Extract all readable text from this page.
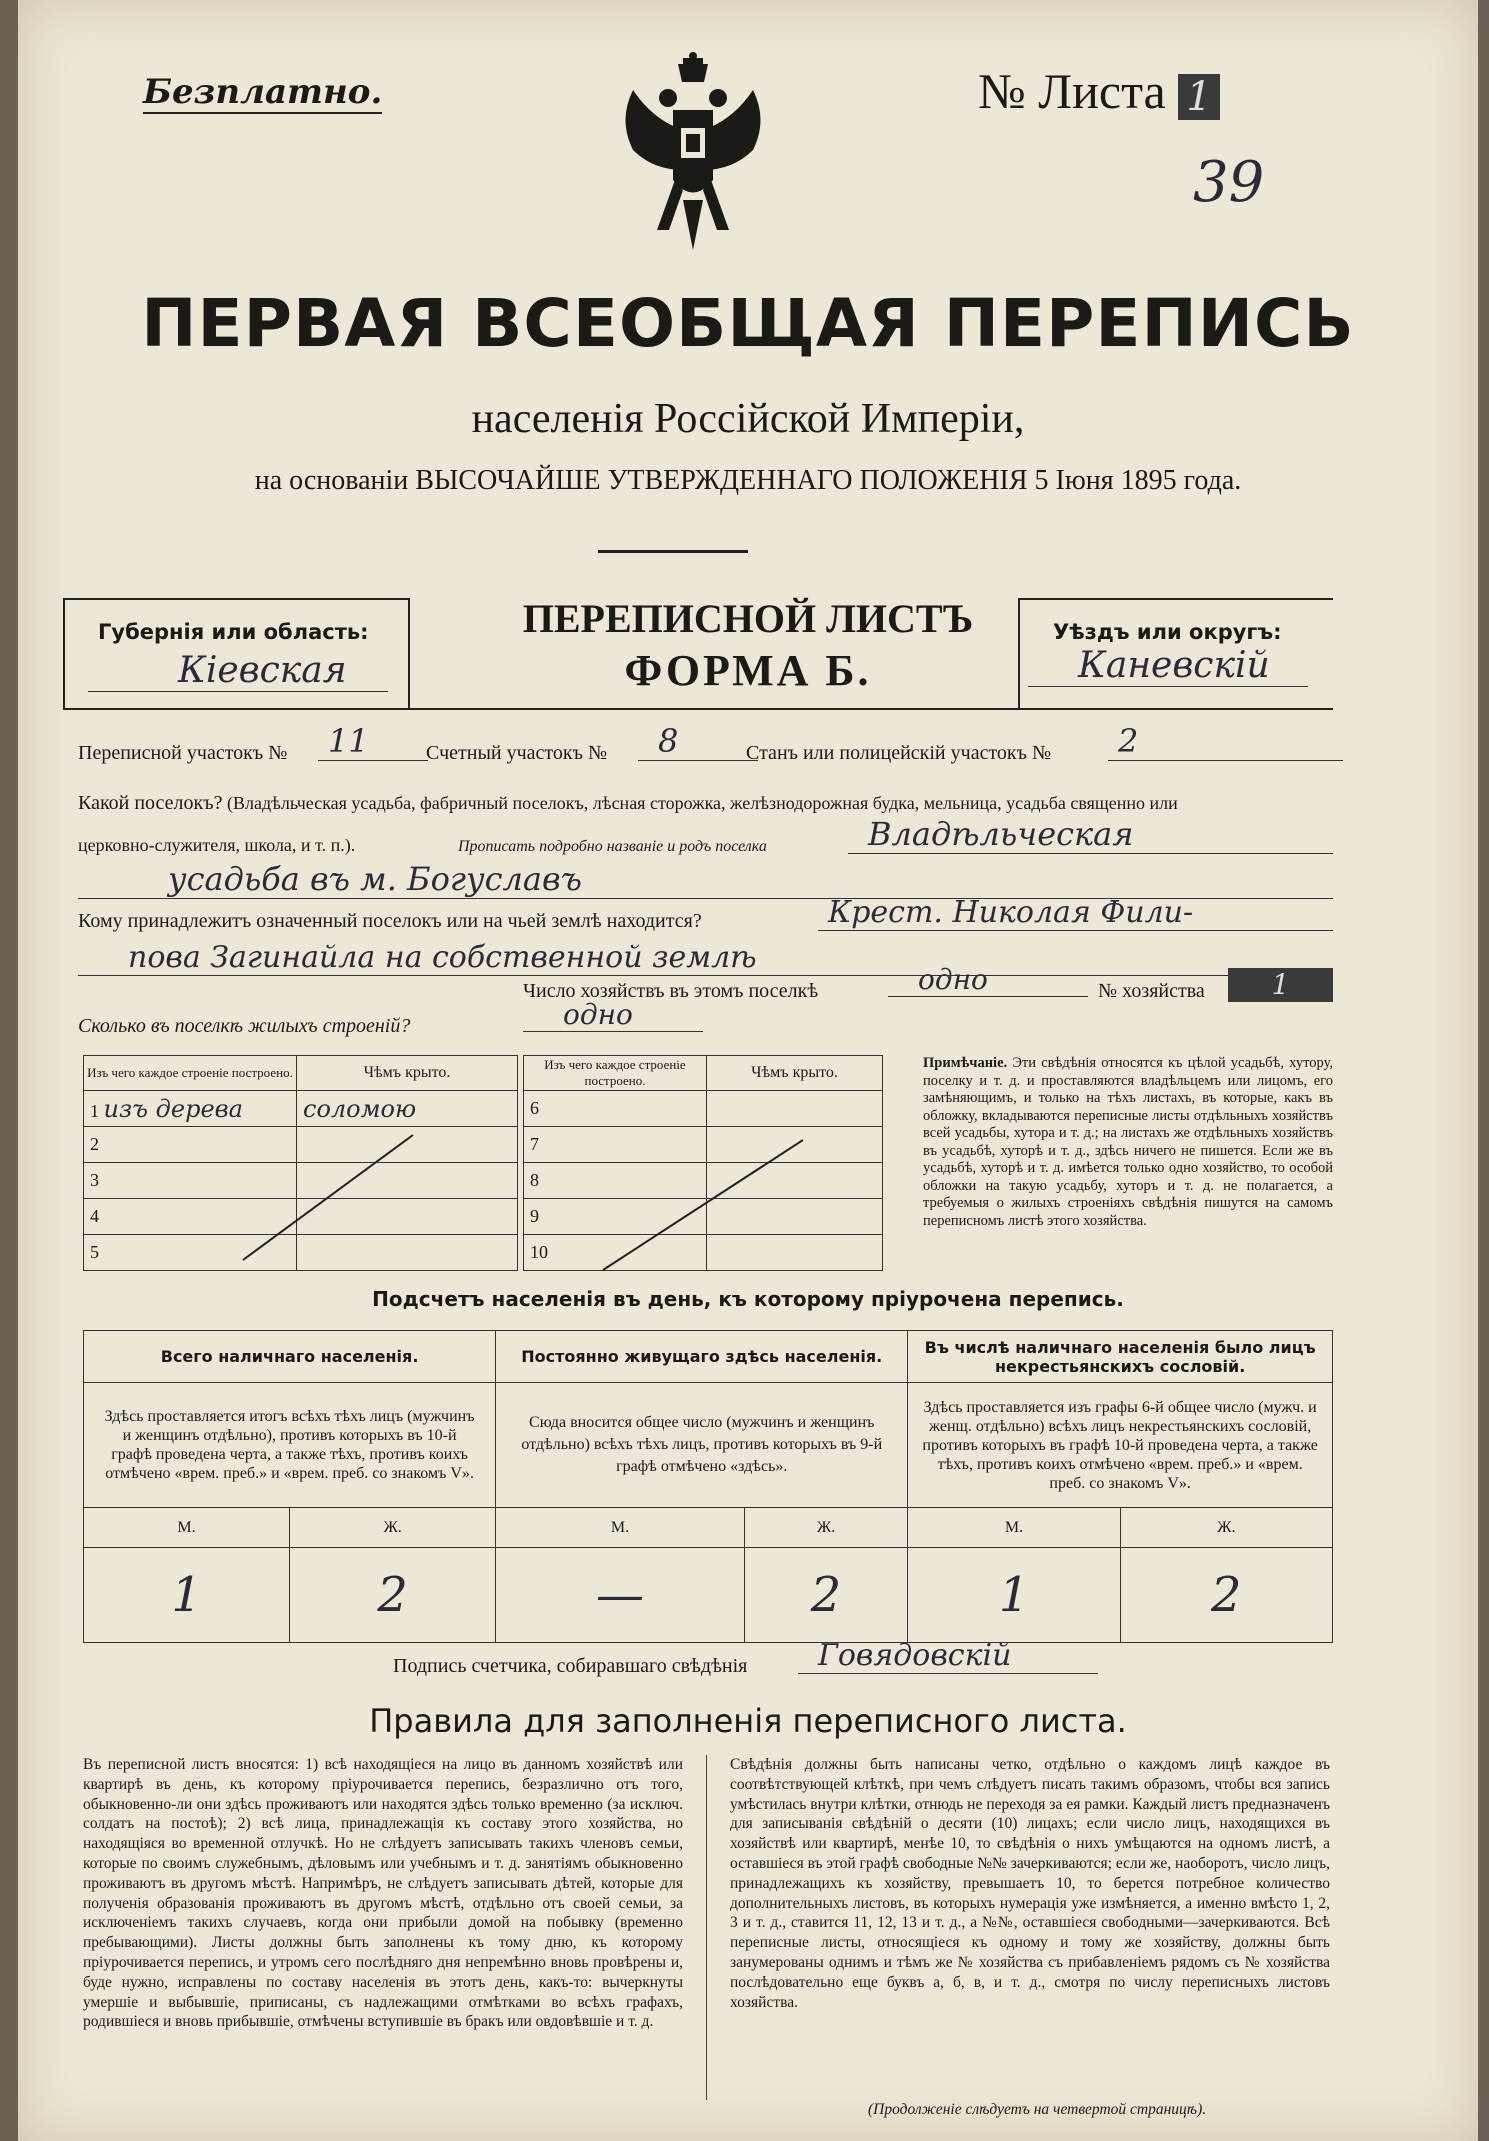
Безплатно.	№ Листа 1
39
ПЕРВАЯ ВСЕОБЩАЯ ПЕРЕПИСЬ
населенія Россійской Имперіи,
на основаніи ВЫСОЧАЙШЕ УТВЕРЖДЕННАГО ПОЛОЖЕНІЯ 5 Іюня 1895 года.
Губернія или область:
Кіевская
ПЕРЕПИСНОЙ ЛИСТЪ
ФОРМА Б.
Уѣздъ или округъ:
Каневскій
Переписной участокъ №	11	Счетный участокъ №	8	Станъ или полицейскій участокъ №	2
Какой поселокъ? (Владѣльческая усадьба, фабричный поселокъ, лѣсная сторожка, желѣзнодорожная будка, мельница, усадьба священно или
церковно-служителя, школа, и т. п.).	Прописать подробно названіе и родъ поселка	Владѣльческая
усадьба въ м. Богуславъ
Кому принадлежитъ означенный поселокъ или на чьей землѣ находится?	Крест. Николая Фили-
пова Загинайла на собственной землѣ
Число хозяйствъ въ этомъ поселкѣ	одно	№ хозяйства	1
Сколько въ поселкѣ жилыхъ строеній?	одно
Изъ чего каждое строеніе построено.	Чѣмъ крыто.
1 изъ дерева	соломою
2	
3	
4	
5	
Изъ чего каждое строеніе построено.	Чѣмъ крыто.
6	
7	
8	
9	
10	
Примѣчаніе. Эти свѣдѣнія относятся къ цѣлой усадьбѣ, хутору, поселку и т. д. и проставляются владѣльцемъ или лицомъ, его замѣняющимъ, и только на тѣхъ листахъ, въ которые, какъ въ обложку, вкладываются переписные листы отдѣльныхъ хозяйствъ всей усадьбы, хутора и т. д.; на листахъ же отдѣльныхъ хозяйствъ въ усадьбѣ, хуторѣ и т. д., здѣсь ничего не пишется. Если же въ усадьбѣ, хуторѣ и т. д. имѣется только одно хозяйство, то особой обложки на такую усадьбу, хуторъ и т. д. не полагается, а требуемыя о жилыхъ строеніяхъ свѣдѣнія пишутся на самомъ переписномъ листѣ этого хозяйства.
Подсчетъ населенія въ день, къ которому пріурочена перепись.
Всего наличнаго населенія.		Постоянно живущаго здѣсь населенія.		Въ числѣ наличнаго населенія было лицъ некрестьянскихъ сословій.	
Здѣсь проставляется итогъ всѣхъ тѣхъ лицъ (мужчинъ и женщинъ отдѣльно), противъ которыхъ въ 10-й графѣ проведена черта, а также тѣхъ, противъ коихъ отмѣчено «врем. преб.» и «врем. преб. со знакомъ V».		Сюда вносится общее число (мужчинъ и женщинъ отдѣльно) всѣхъ тѣхъ лицъ, противъ которыхъ въ 9-й графѣ отмѣчено «здѣсь».		Здѣсь проставляется изъ графы 6-й общее число (мужч. и женщ. отдѣльно) всѣхъ лицъ некрестьянскихъ сословій, противъ которыхъ въ графѣ 10-й проведена черта, а также тѣхъ, противъ коихъ отмѣчено «врем. преб.» и «врем. преб. со знакомъ V».	
М.	Ж.	М.	Ж.	М.	Ж.
1	2	—	2	1	2
Подпись счетчика, собиравшаго свѣдѣнія	Говядовскій
Правила для заполненія переписного листа.
Въ переписной листъ вносятся: 1) всѣ находящіеся на лицо въ данномъ хозяйствѣ или квартирѣ въ день, къ которому пріурочивается перепись, безразлично отъ того, обыкновенно-ли они здѣсь проживаютъ или находятся здѣсь только временно (за исключ. солдатъ на постоѣ); 2) всѣ лица, принадлежащія къ составу этого хозяйства, но находящіяся во временной отлучкѣ. Но не слѣдуетъ записывать такихъ членовъ семьи, которые по своимъ служебнымъ, дѣловымъ или учебнымъ и т. д. занятіямъ обыкновенно проживаютъ въ другомъ мѣстѣ. Напримѣръ, не слѣдуетъ записывать дѣтей, которые для полученія образованія проживаютъ въ другомъ мѣстѣ, отдѣльно отъ своей семьи, за исключеніемъ такихъ случаевъ, когда они прибыли домой на побывку (временно пребывающими). Листы должны быть заполнены къ тому дню, къ которому пріурочивается перепись, и утромъ сего послѣдняго дня непремѣнно вновь провѣрены и, буде нужно, исправлены по составу населенія въ этотъ день, какъ-то: вычеркнуты умершіе и выбывшіе, приписаны, съ надлежащими отмѣтками во всѣхъ графахъ, родившіеся и вновь прибывшіе, отмѣчены вступившіе въ бракъ или овдовѣвшіе и т. д.
Свѣдѣнія должны быть написаны четко, отдѣльно о каждомъ лицѣ каждое въ соотвѣтствующей клѣткѣ, при чемъ слѣдуетъ писать такимъ образомъ, чтобы вся запись умѣстилась внутри клѣтки, отнюдь не переходя за ея рамки. Каждый листъ предназначенъ для записыванія свѣдѣній о десяти (10) лицахъ; если число лицъ, находящихся въ хозяйствѣ или квартирѣ, менѣе 10, то свѣдѣнія о нихъ умѣщаются на одномъ листѣ, а оставшіеся въ этой графѣ свободные №№ зачеркиваются; если же, наоборотъ, число лицъ, принадлежащихъ къ хозяйству, превышаетъ 10, то берется потребное количество дополнительныхъ листовъ, въ которыхъ нумерація уже измѣняется, а именно вмѣсто 1, 2, 3 и т. д., ставится 11, 12, 13 и т. д., а №№, оставшіеся свободными—зачеркиваются. Всѣ переписные листы, относящіеся къ одному и тому же хозяйству, должны быть занумерованы однимъ и тѣмъ же № хозяйства съ прибавленіемъ рядомъ съ № хозяйства послѣдовательно еще буквъ а, б, в, и т. д., смотря по числу переписныхъ листовъ хозяйства.
(Продолженіе слѣдуетъ на четвертой страницѣ).
